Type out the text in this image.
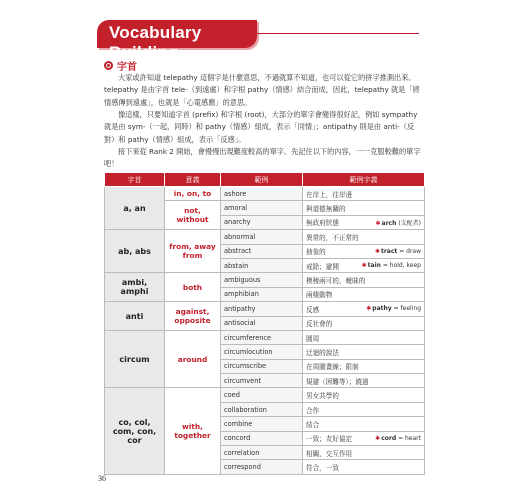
Vocabulary Building
字首

大家或許知道 telepathy 這個字是什麼意思，不過就算不知道，也可以從它的拼字推測出來。telepathy 是由字首 tele-（到遠處）和字根 pathy（情感）結合而成，因此，telepathy 就是「將情感傳到遠處」，也就是「心電感應」的意思。

像這樣，只要知道字首 (prefix) 和字根 (root)，大部分的單字會變得很好記，例如 sympathy 就是由 sym-（一起，同時）和 pathy（情感）組成，表示「同情」；antipathy 則是由 anti-（反對）和 pathy（情感）組成，表示「反感」。

接下來從 Rank 2 開始，會慢慢出現難度較高的單字。先記住以下的內容，一一克服較難的單字吧！

字首	意義	範例	範例字義
a, an	in, on, to	ashore	在岸上，往岸邊

	not, without	amoral	與道德無關的

		anarchy	無政府狀態 ✱arch (支配者)

ab, abs	from, away from	abnormal	異常的，不正常的

		abstract	抽象的 ✱tract = draw

		abstain	戒除；避開 ✱tain = hold, keep

ambi, amphi	both	ambiguous	模稜兩可的，曖昧的

		amphibian	兩棲動物

anti	against, opposite	antipathy	反感 ✱pathy = feeling

		antisocial	反社會的

circum	around	circumference	圓周

		circumlocution	迂迴的說法

		circumscribe	在周圍畫線；限制

		circumvent	規避（困難等）；繞過

co, col, com, con, cor	with, together	coed	男女共學的

		collaboration	合作

		combine	結合

		concord	一致；友好協定 ✱cord = heart

		correlation	相關，交互作用

		correspond	符合，一致
36
